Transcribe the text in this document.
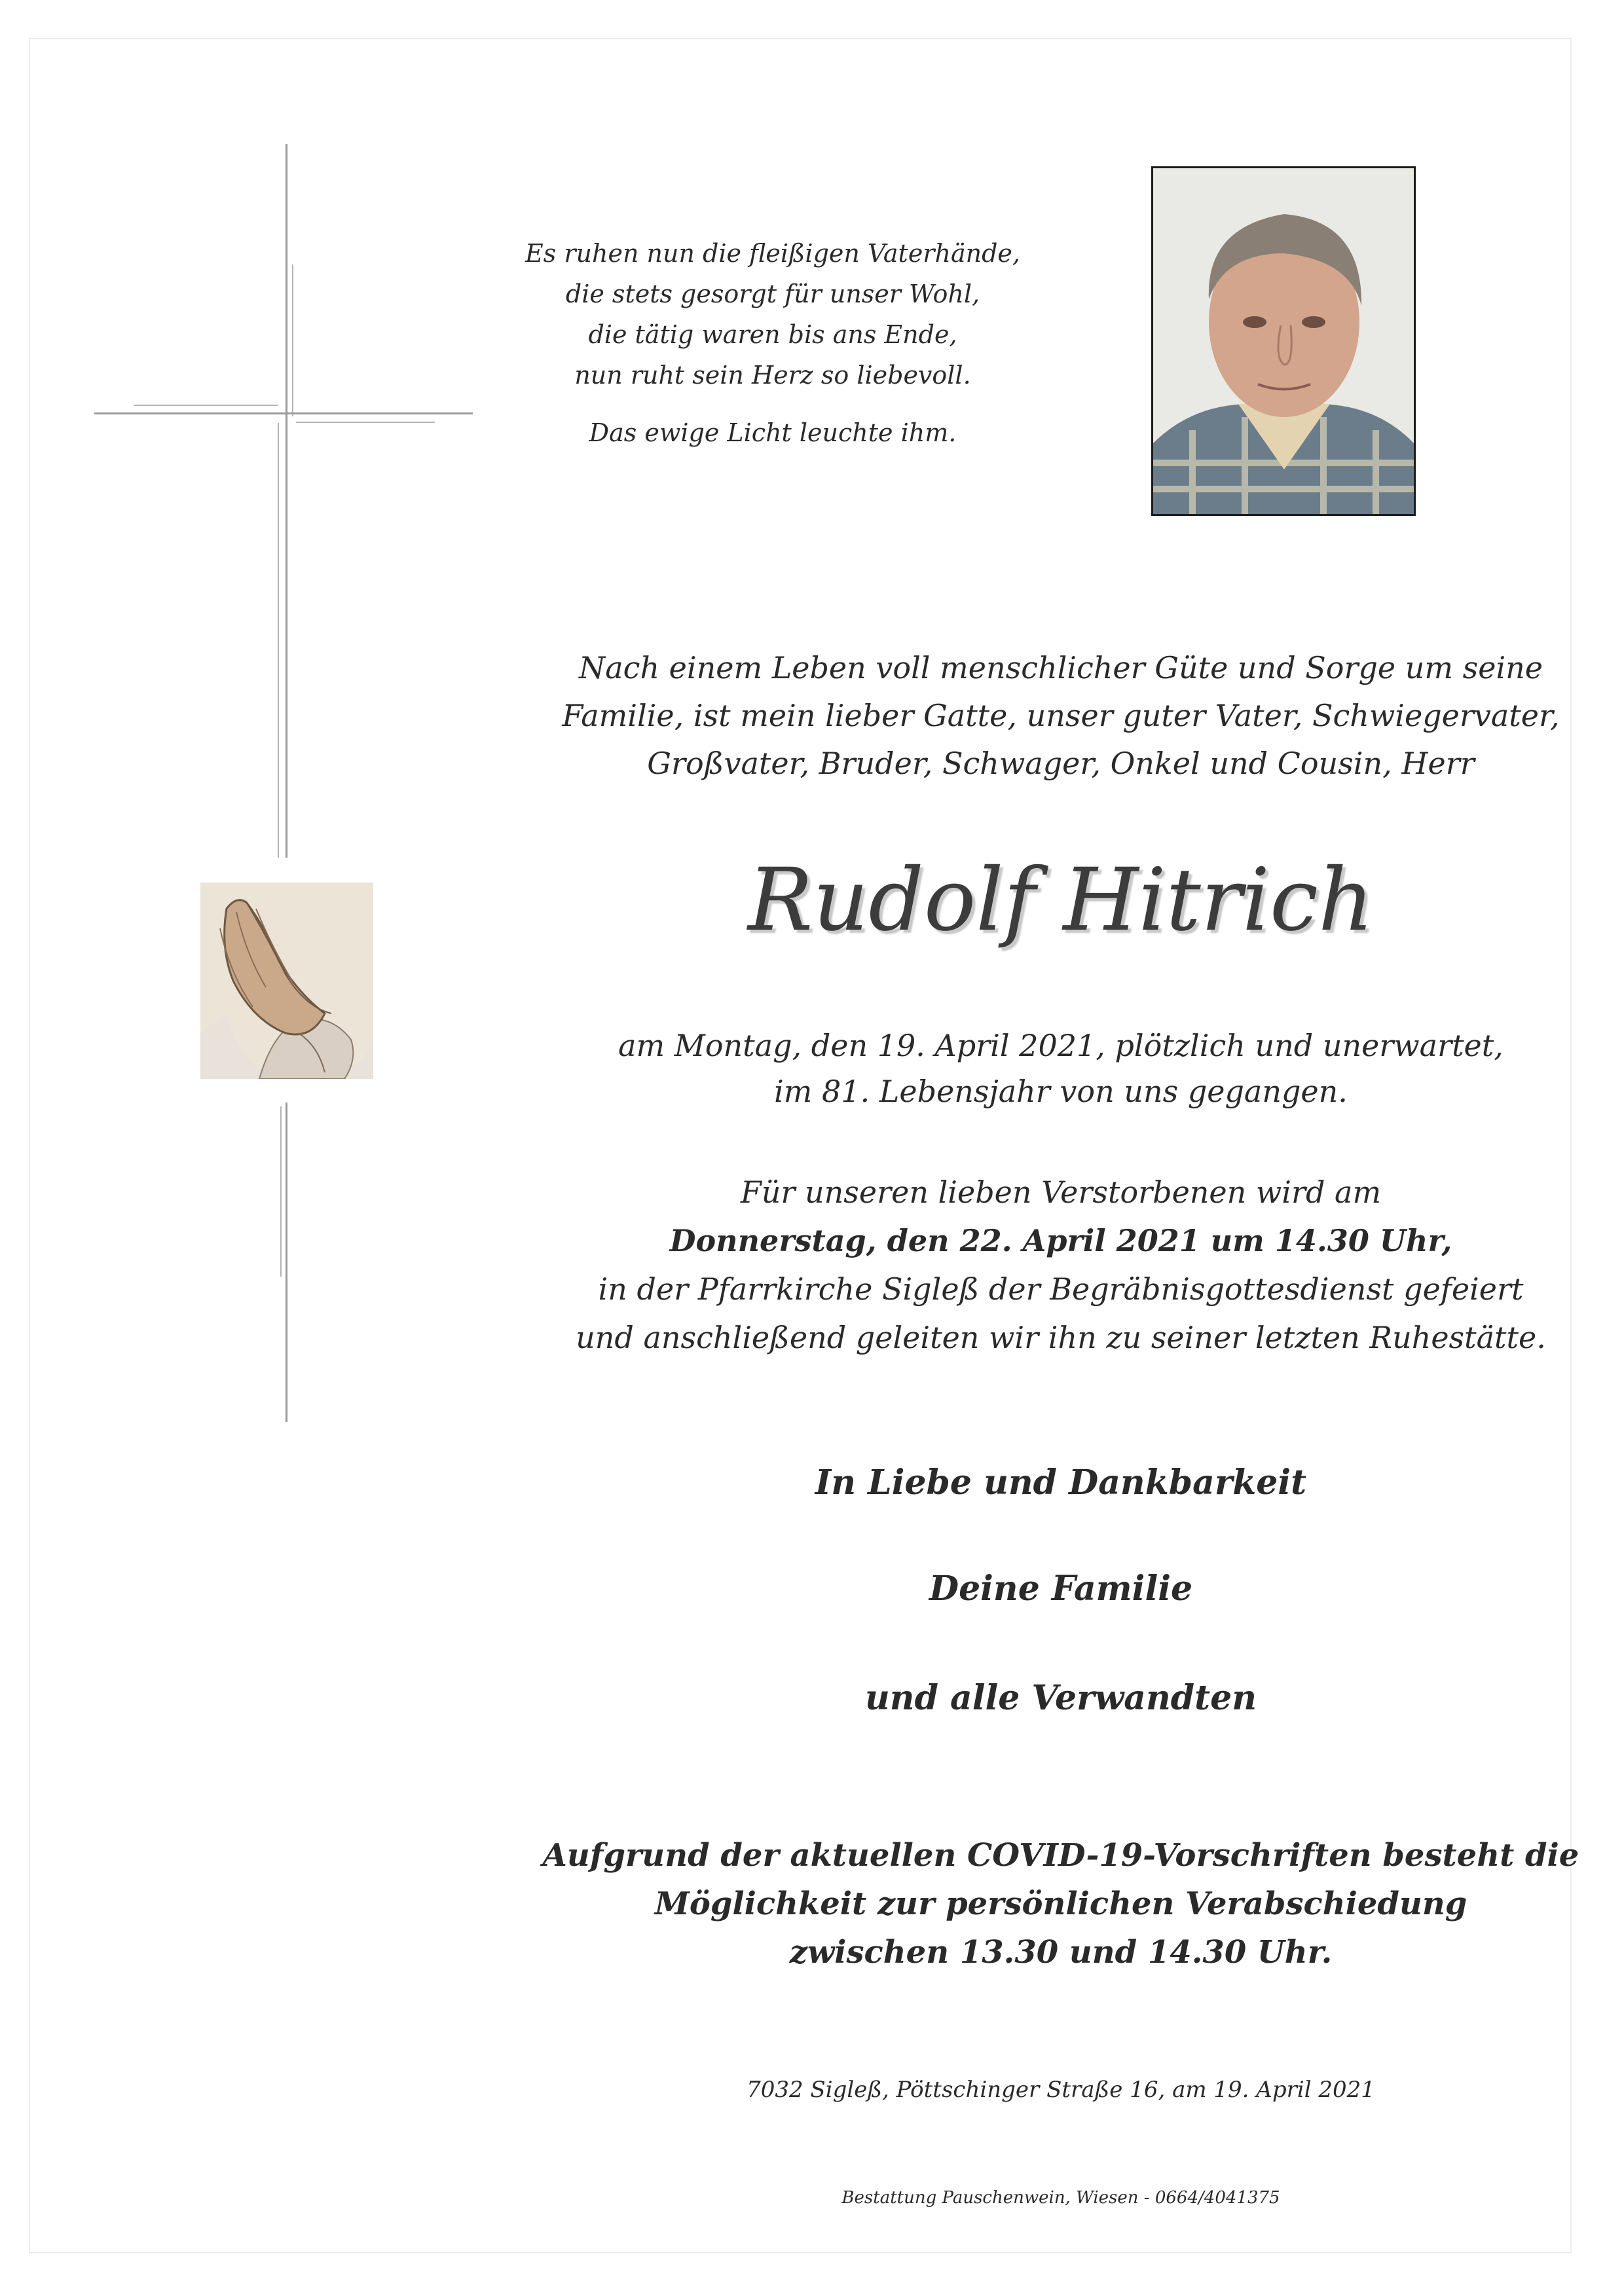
Es ruhen nun die fleißigen Vaterhände,
die stets gesorgt für unser Wohl,
die tätig waren bis ans Ende,
nun ruht sein Herz so liebevoll.
Das ewige Licht leuchte ihm.
Nach einem Leben voll menschlicher Güte und Sorge um seine
Familie, ist mein lieber Gatte, unser guter Vater, Schwiegervater,
Großvater, Bruder, Schwager, Onkel und Cousin, Herr
Rudolf Hitrich
am Montag, den 19. April 2021, plötzlich und unerwartet,
im 81. Lebensjahr von uns gegangen.
Für unseren lieben Verstorbenen wird am
Donnerstag, den 22. April 2021 um 14.30 Uhr,
in der Pfarrkirche Sigleß der Begräbnisgottesdienst gefeiert
und anschließend geleiten wir ihn zu seiner letzten Ruhestätte.
In Liebe und Dankbarkeit
Deine Familie
und alle Verwandten
Aufgrund der aktuellen COVID-19-Vorschriften besteht die
Möglichkeit zur persönlichen Verabschiedung
zwischen 13.30 und 14.30 Uhr.
7032 Sigleß, Pöttschinger Straße 16, am 19. April 2021
Bestattung Pauschenwein, Wiesen - 0664/4041375
